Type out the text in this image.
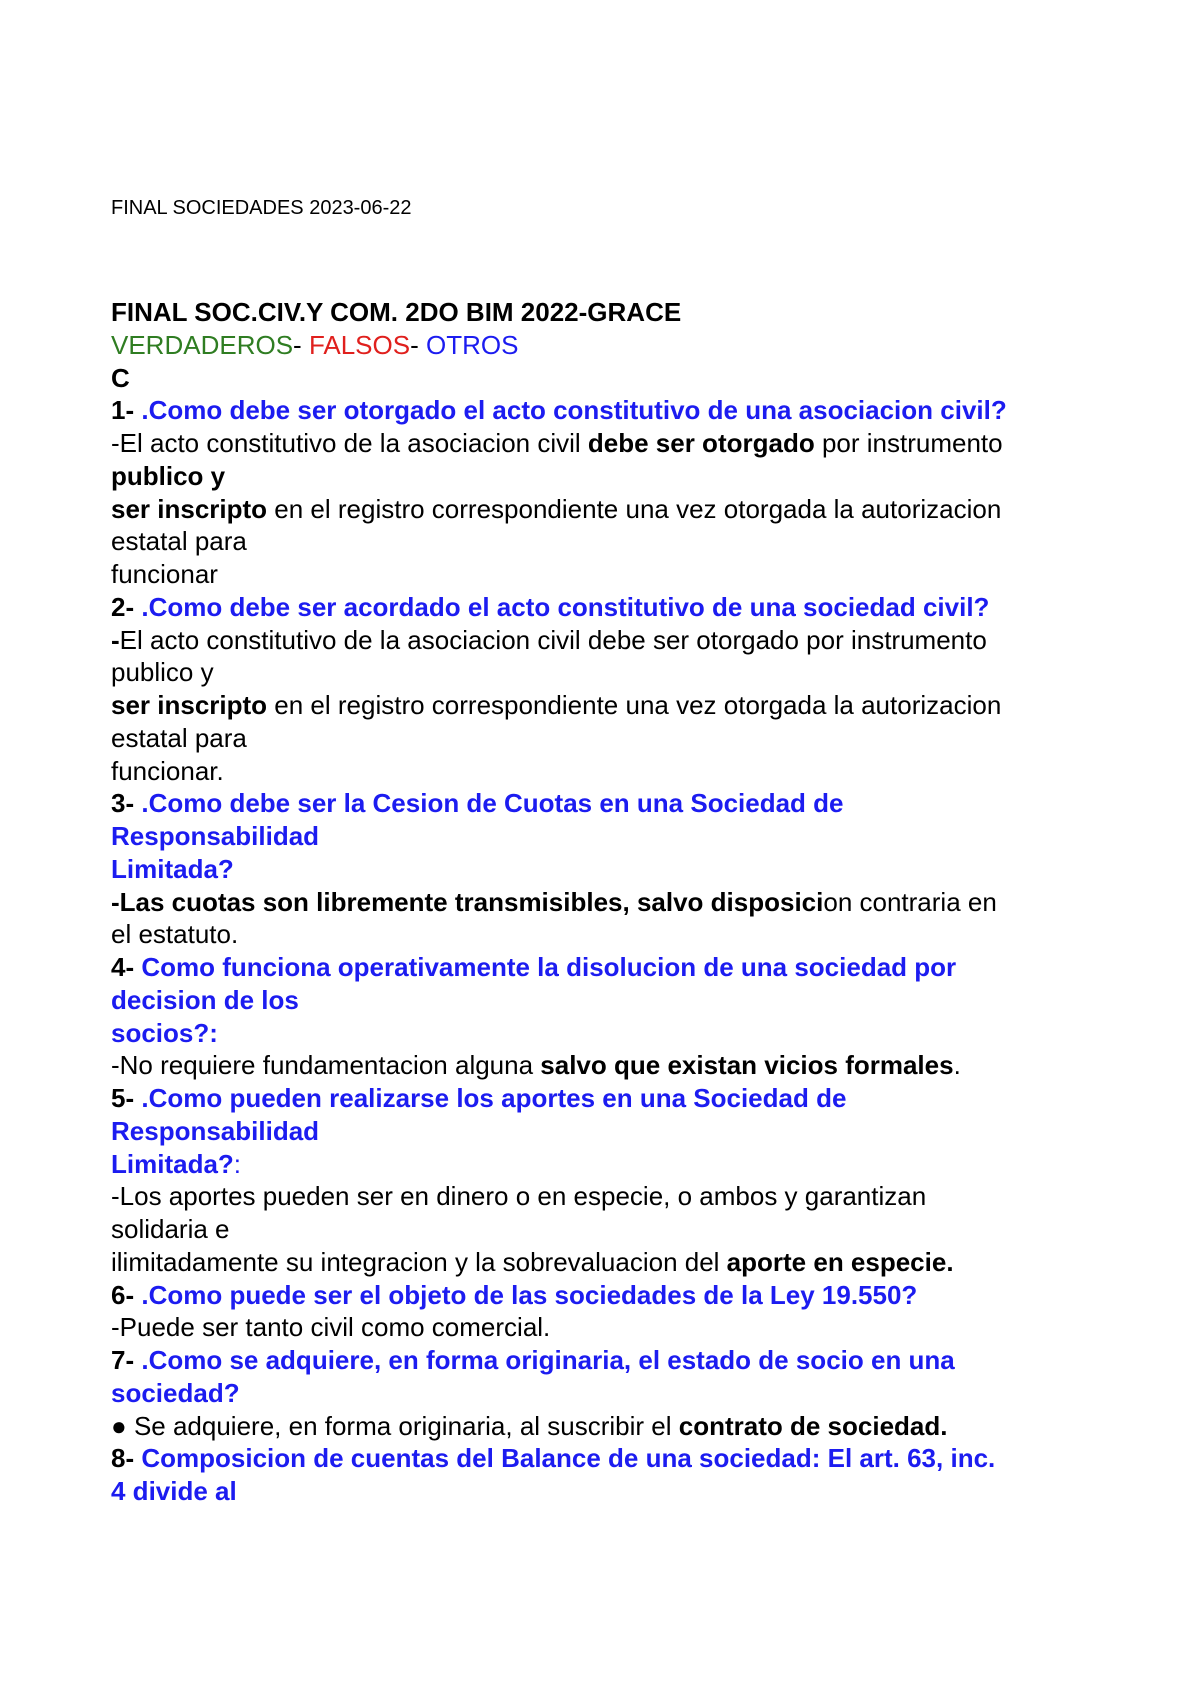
FINAL SOCIEDADES 2023-06-22
FINAL SOC.CIV.Y COM. 2DO BIM 2022-GRACE
VERDADEROS- FALSOS- OTROS
C
1- .Como debe ser otorgado el acto constitutivo de una asociacion civil?
-El acto constitutivo de la asociacion civil debe ser otorgado por instrumento
publico y
ser inscripto en el registro correspondiente una vez otorgada la autorizacion
estatal para
funcionar
2- .Como debe ser acordado el acto constitutivo de una sociedad civil?
-El acto constitutivo de la asociacion civil debe ser otorgado por instrumento
publico y
ser inscripto en el registro correspondiente una vez otorgada la autorizacion
estatal para
funcionar.
3- .Como debe ser la Cesion de Cuotas en una Sociedad de
Responsabilidad
Limitada?
-Las cuotas son libremente transmisibles, salvo disposicion contraria en
el estatuto.
4- Como funciona operativamente la disolucion de una sociedad por
decision de los
socios?:
-No requiere fundamentacion alguna salvo que existan vicios formales.
5- .Como pueden realizarse los aportes en una Sociedad de
Responsabilidad
Limitada?:
-Los aportes pueden ser en dinero o en especie, o ambos y garantizan
solidaria e
ilimitadamente su integracion y la sobrevaluacion del aporte en especie.
6- .Como puede ser el objeto de las sociedades de la Ley 19.550?
-Puede ser tanto civil como comercial.
7- .Como se adquiere, en forma originaria, el estado de socio en una
sociedad?
● Se adquiere, en forma originaria, al suscribir el contrato de sociedad.
8- Composicion de cuentas del Balance de una sociedad: El art. 63, inc.
4 divide al
